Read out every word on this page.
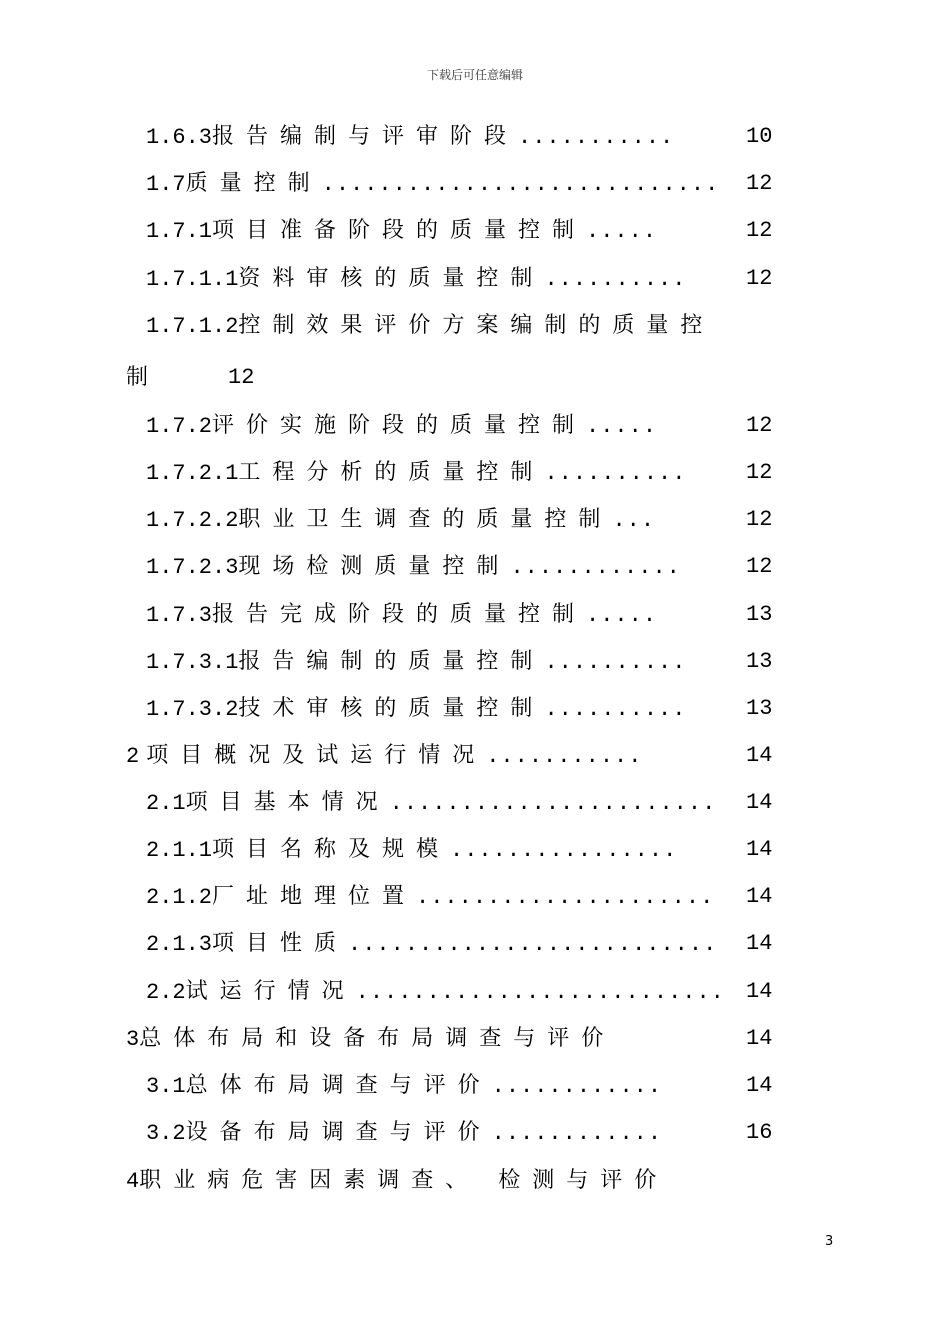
下载后可任意编辑
1.6.3报告编制与评审阶段...........	10
1.7质量控制............................ 12
1.7.1项目准备阶段的质量控制.....	12
1.7.1.1资料审核的质量控制..........	12
1.7.1.2控制效果评价方案编制的质量控
制	12
1.7.2评价实施阶段的质量控制.....	12
1.7.2.1工程分析的质量控制..........	12
1.7.2.2职业卫生调查的质量控制...	12
1.7.2.3现场检测质量控制............	12
1.7.3报告完成阶段的质量控制.....	13
1.7.3.1报告编制的质量控制..........	13
1.7.3.2技术审核的质量控制..........	13
2 项目概况及试运行情况...........	14
2.1项目基本情况....................... 14
2.1.1项目名称及规模................	14
2.1.2厂址地理位置..................... 14
2.1.3项目性质.......................... 14
2.2试运行情况.......................... 14
3总体布局和设备布局调查与评价	14
3.1总体布局调查与评价............	14
3.2设备布局调查与评价............	16
4职业病危害因素调查、 检测与评价
3
